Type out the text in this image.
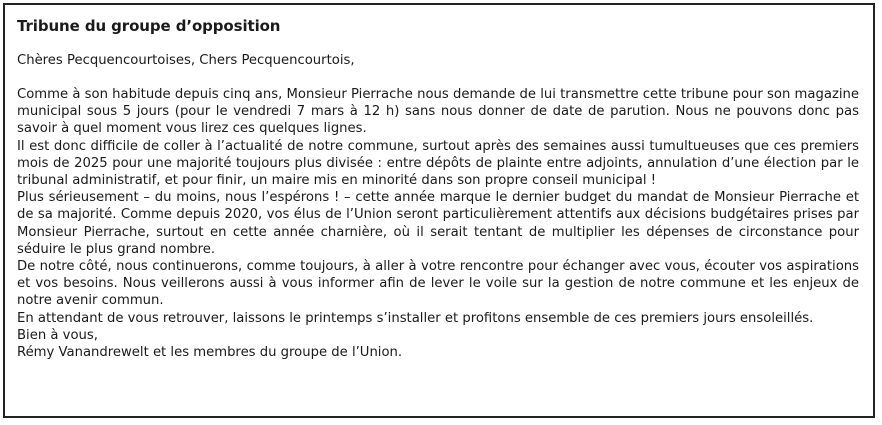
Tribune du groupe d’opposition
Chères Pecquencourtoises, Chers Pecquencourtois,

Comme à son habitude depuis cinq ans, Monsieur Pierrache nous demande de lui transmettre cette tribune pour son magazine municipal sous 5 jours (pour le vendredi 7 mars à 12 h) sans nous donner de date de parution. Nous ne pouvons donc pas savoir à quel moment vous lirez ces quelques lignes.

Il est donc difficile de coller à l’actualité de notre commune, surtout après des semaines aussi tumultueuses que ces premiers mois de 2025 pour une majorité toujours plus divisée : entre dépôts de plainte entre adjoints, annulation d’une élection par le tribunal administratif, et pour finir, un maire mis en minorité dans son propre conseil municipal !

Plus sérieusement – du moins, nous l’espérons ! – cette année marque le dernier budget du mandat de Monsieur Pierrache et de sa majorité. Comme depuis 2020, vos élus de l’Union seront particulièrement attentifs aux décisions budgétaires prises par Monsieur Pierrache, surtout en cette année charnière, où il serait tentant de multiplier les dépenses de circonstance pour séduire le plus grand nombre.

De notre côté, nous continuerons, comme toujours, à aller à votre rencontre pour échanger avec vous, écouter vos aspirations et vos besoins. Nous veillerons aussi à vous informer afin de lever le voile sur la gestion de notre commune et les enjeux de notre avenir commun.

En attendant de vous retrouver, laissons le printemps s’installer et profitons ensemble de ces premiers jours ensoleillés.

Bien à vous,

Rémy Vanandrewelt et les membres du groupe de l’Union.
